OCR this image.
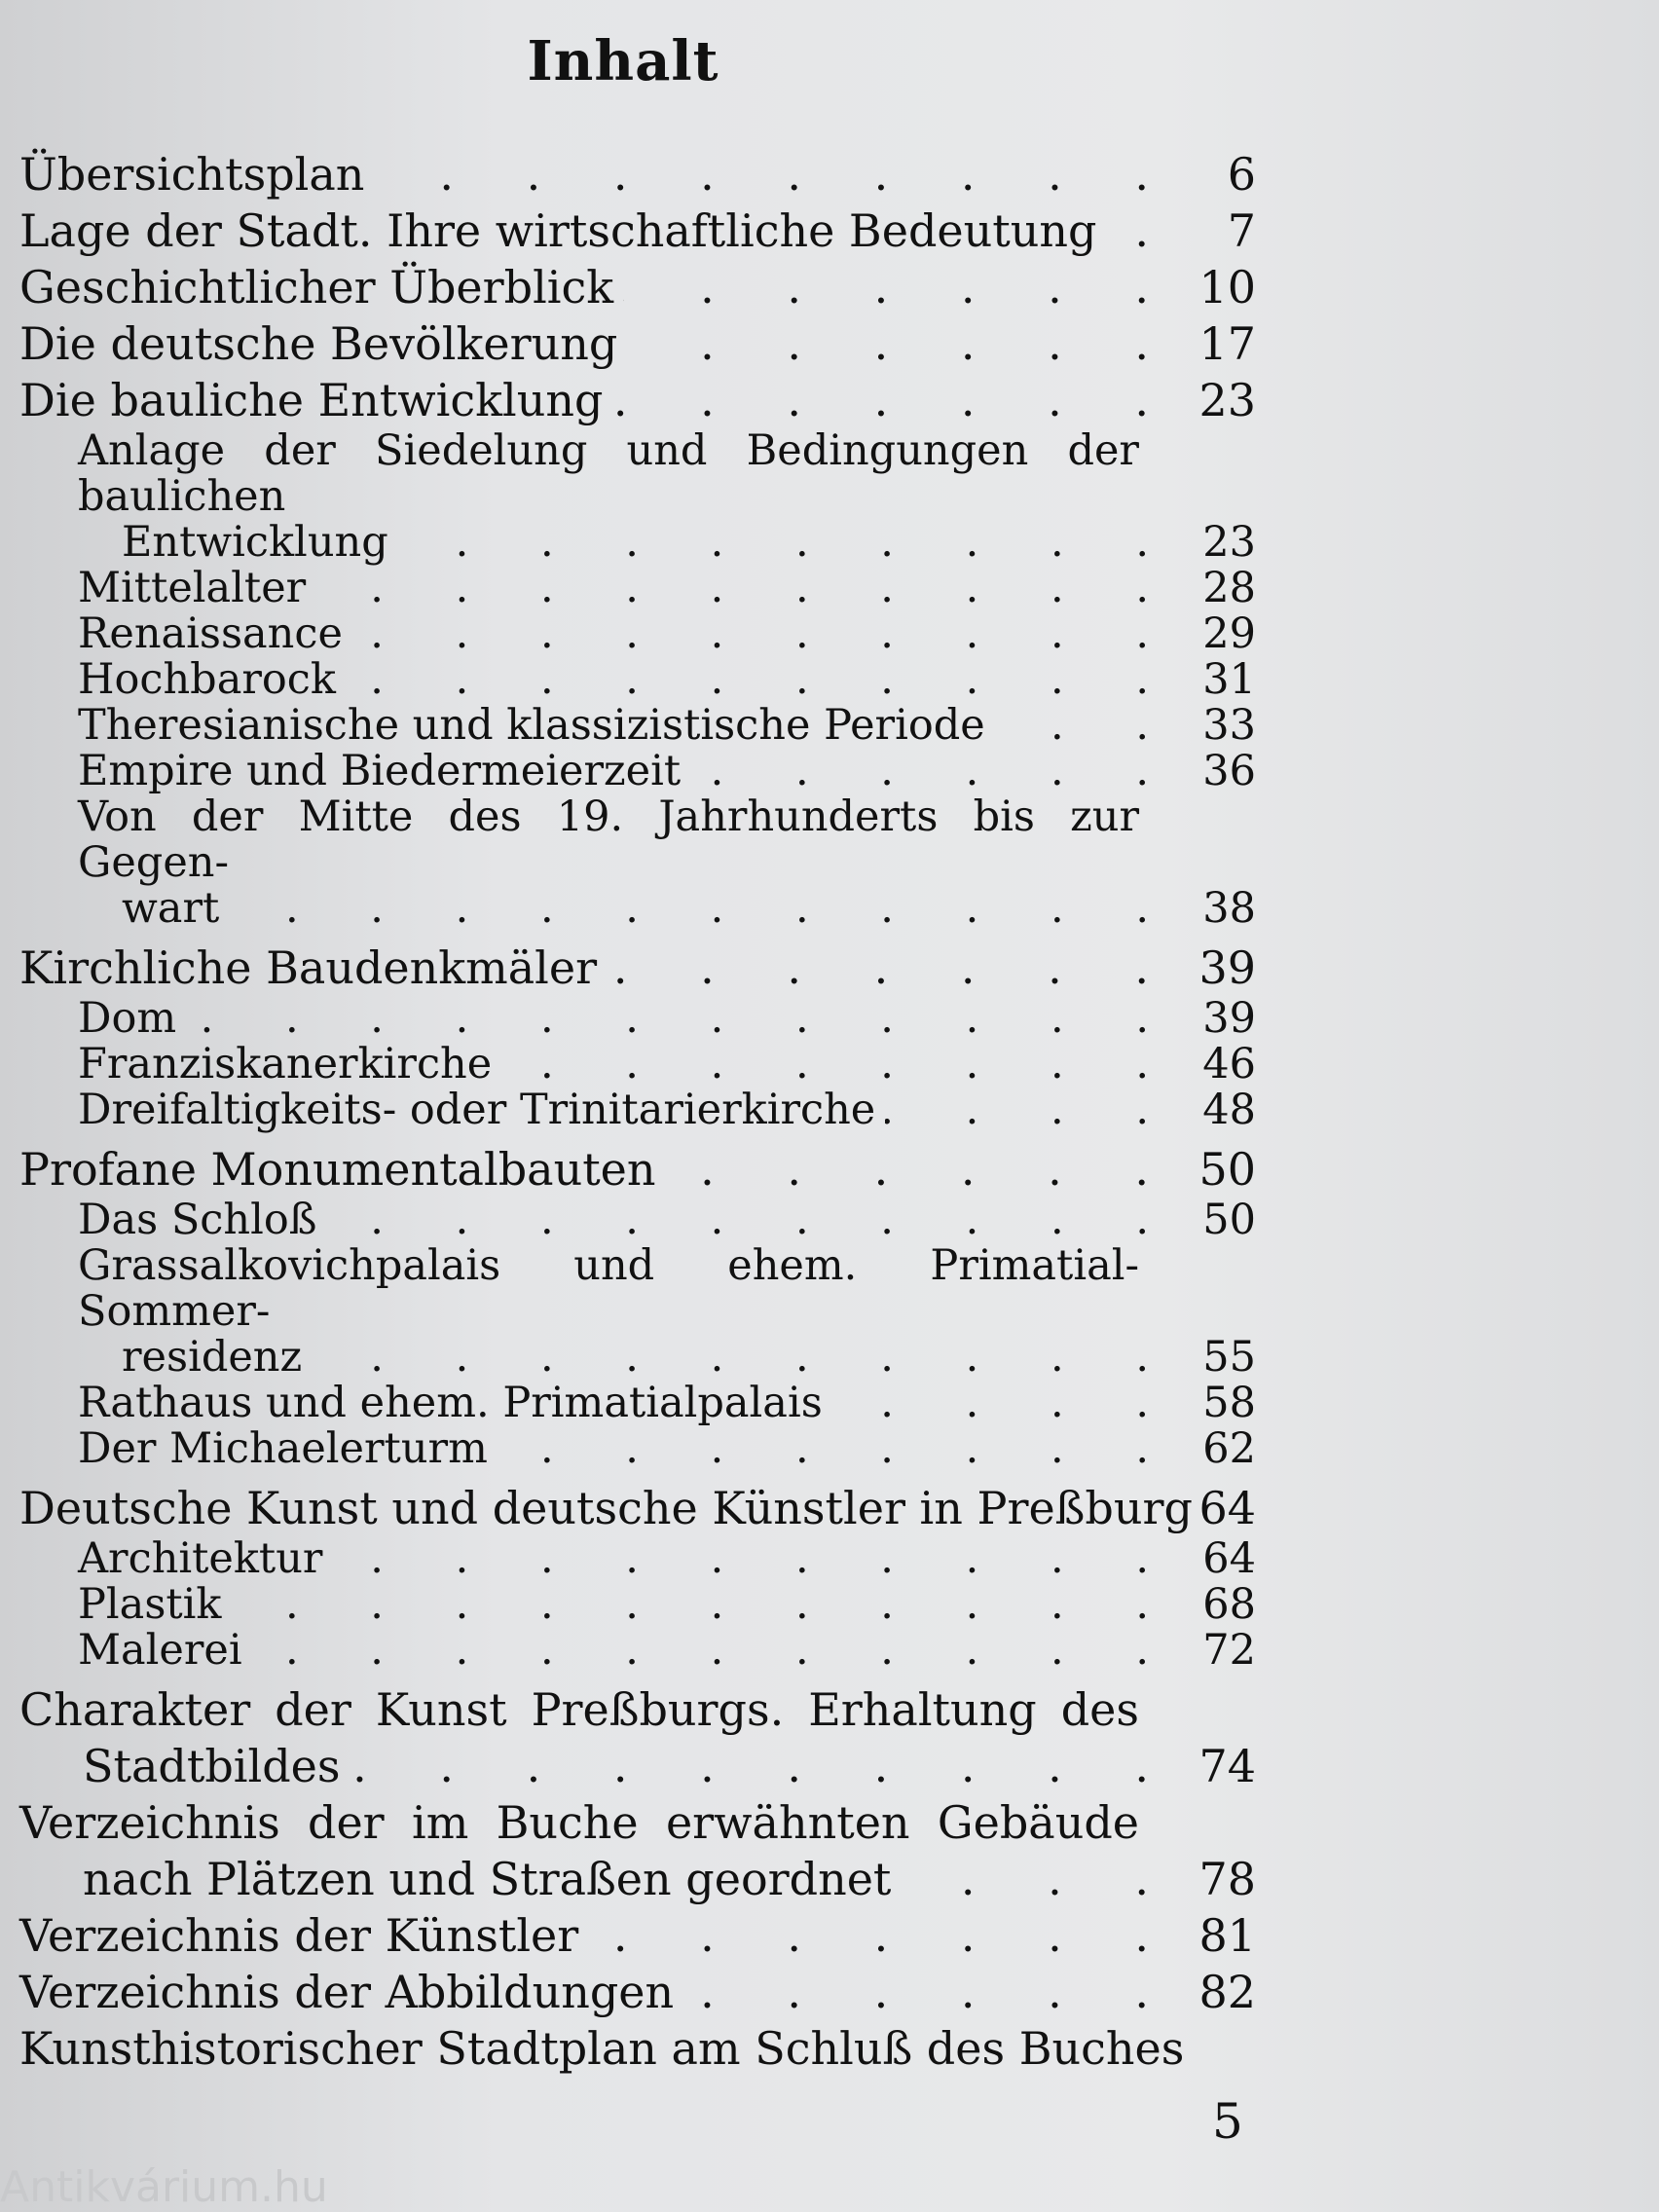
Inhalt
Übersichtsplan . . .	6
Lage der Stadt. Ihre wirtschaftliche Bedeutung . . .	7
Geschichtlicher Überblick . . .	10
Die deutsche Bevölkerung . . .	17
Die bauliche Entwicklung . . .	23
Anlage der Siedelung und Bedingungen der baulichen
Entwicklung . . .	23
Mittelalter . . .	28
Renaissance . . .	29
Hochbarock . . .	31
Theresianische und klassizistische Periode . . .	33
Empire und Biedermeierzeit . . .	36
Von der Mitte des 19. Jahrhunderts bis zur Gegen-
wart . . .	38
Kirchliche Baudenkmäler . . .	39
Dom . . .	39
Franziskanerkirche . . .	46
Dreifaltigkeits- oder Trinitarierkirche . . .	48
Profane Monumentalbauten . . .	50
Das Schloß . . .	50
Grassalkovichpalais und ehem. Primatial-Sommer-
residenz . . .	55
Rathaus und ehem. Primatialpalais . . .	58
Der Michaelerturm . . .	62
Deutsche Kunst und deutsche Künstler in Preßburg 64
Architektur . . .	64
Plastik . . .	68
Malerei . . .	72
Charakter der Kunst Preßburgs. Erhaltung des
Stadtbildes . . .	74
Verzeichnis der im Buche erwähnten Gebäude
nach Plätzen und Straßen geordnet . . .	78
Verzeichnis der Künstler . . .	81
Verzeichnis der Abbildungen . . .	82
Kunsthistorischer Stadtplan am Schluß des Buches
5
Antikvárium.hu
